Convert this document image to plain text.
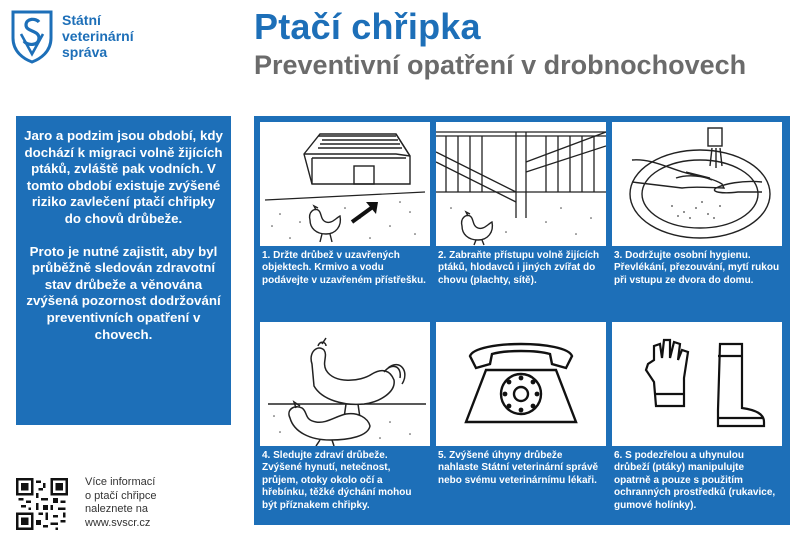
Státní
veterinární
správa
Ptačí chřipka
Preventivní opatření v drobnochovech

Jaro a podzim jsou období, kdy dochází k migraci volně žijících ptáků, zvláště pak vodních. V tomto období existuje zvýšené riziko zavlečení ptačí chřipky do chovů drůbeže.

Proto je nutné zajistit, aby byl průběžně sledován zdravotní stav drůbeže a věnována zvýšená pozornost dodržování preventivních opatření v chovech.

1. Držte drůbež v uzavřených objektech. Krmivo a vodu podávejte v uzavřeném přístřešku.
2. Zabraňte přístupu volně žijících ptáků, hlodavců i jiných zvířat do chovu (plachty, sítě).
3. Dodržujte osobní hygienu. Převlékání, přezouvání, mytí rukou při vstupu ze dvora do domu.
4. Sledujte zdraví drůbeže. Zvýšené hynutí, netečnost, průjem, otoky okolo očí a hřebínku, těžké dýchání mohou být příznakem chřipky.
5. Zvýšené úhyny drůbeže nahlaste Státní veterinární správě nebo svému veterinárnímu lékaři.
6. S podezřelou a uhynulou drůbeží (ptáky) manipulujte opatrně a pouze s použitím ochranných prostředků (rukavice, gumové holínky).
Více informací
o ptačí chřipce
naleznete na
www.svscr.cz
